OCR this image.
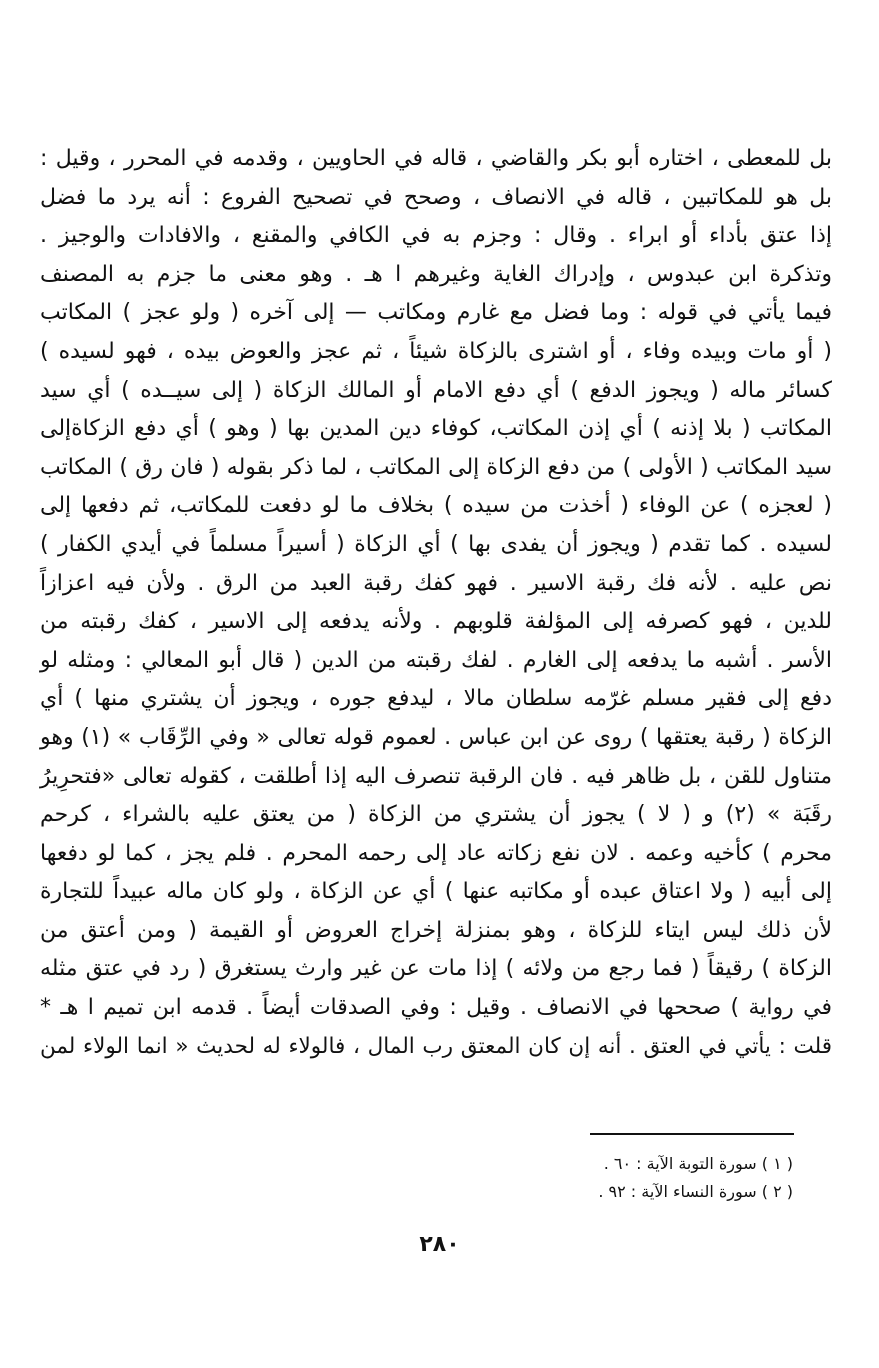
بل للمعطى ، اختاره أبو بكر والقاضي ، قاله في الحاويين ، وقدمه في المحرر ، وقيل :
بل هو للمكاتبين ، قاله في الانصاف ، وصحح في تصحيح الفروع : أنه يرد ما فضل
إذا عتق بأداء أو ابراء . وقال : وجزم به في الكافي والمقنع ، والافادات والوجيز .
وتذكرة ابن عبدوس ، وإدراك الغاية وغيرهم ا هـ . وهو معنى ما جزم به المصنف
فيما يأتي في قوله : وما فضل مع غارم ومكاتب — إلى آخره ( ولو عجز ) المكاتب
( أو مات وبيده وفاء ، أو اشترى بالزكاة شيئاً ، ثم عجز والعوض بيده ، فهو لسيده )
كسائر ماله ( ويجوز الدفع ) أي دفع الامام أو المالك الزكاة ( إلى سيــده ) أي سيد
المكاتب ( بلا إذنه ) أي إذن المكاتب، كوفاء دين المدين بها ( وهو ) أي دفع الزكاةإلى
سيد المكاتب ( الأولى ) من دفع الزكاة إلى المكاتب ، لما ذكر بقوله ( فان رق ) المكاتب
( لعجزه ) عن الوفاء ( أخذت من سيده ) بخلاف ما لو دفعت للمكاتب، ثم دفعها إلى
لسيده . كما تقدم ( ويجوز أن يفدى بها ) أي الزكاة ( أسيراً مسلماً في أيدي الكفار )
نص عليه . لأنه فك رقبة الاسير . فهو كفك رقبة العبد من الرق . ولأن فيه اعزازاً
للدين ، فهو كصرفه إلى المؤلفة قلوبهم . ولأنه يدفعه إلى الاسير ، كفك رقبته من
الأسر . أشبه ما يدفعه إلى الغارم . لفك رقبته من الدين ( قال أبو المعالي : ومثله لو
دفع إلى فقير مسلم غرّمه سلطان مالا ، ليدفع جوره ، ويجوز أن يشتري منها ) أي
الزكاة ( رقبة يعتقها ) روى عن ابن عباس . لعموم قوله تعالى « وفي الرِّقَاب » (١) وهو
متناول للقن ، بل ظاهر فيه . فان الرقبة تنصرف اليه إذا أطلقت ، كقوله تعالى «فتحرِيرُ
رقَبَة » (٢) و ( لا ) يجوز أن يشتري من الزكاة ( من يعتق عليه بالشراء ، كرحم
محرم ) كأخيه وعمه . لان نفع زكاته عاد إلى رحمه المحرم . فلم يجز ، كما لو دفعها
إلى أبيه ( ولا اعتاق عبده أو مكاتبه عنها ) أي عن الزكاة ، ولو كان ماله عبيداً للتجارة
لأن ذلك ليس ايتاء للزكاة ، وهو بمنزلة إخراج العروض أو القيمة ( ومن أعتق من
الزكاة ) رقيقاً ( فما رجع من ولائه ) إذا مات عن غير وارث يستغرق ( رد في عتق مثله
في رواية ) صححها في الانصاف . وقيل : وفي الصدقات أيضاً . قدمه ابن تميم ا هـ *
قلت : يأتي في العتق . أنه إن كان المعتق رب المال ، فالولاء له لحديث « انما الولاء لمن
( ١ ) سورة التوبة الآية : ٦٠ .
( ٢ ) سورة النساء الآية : ٩٢ .
٢٨٠
